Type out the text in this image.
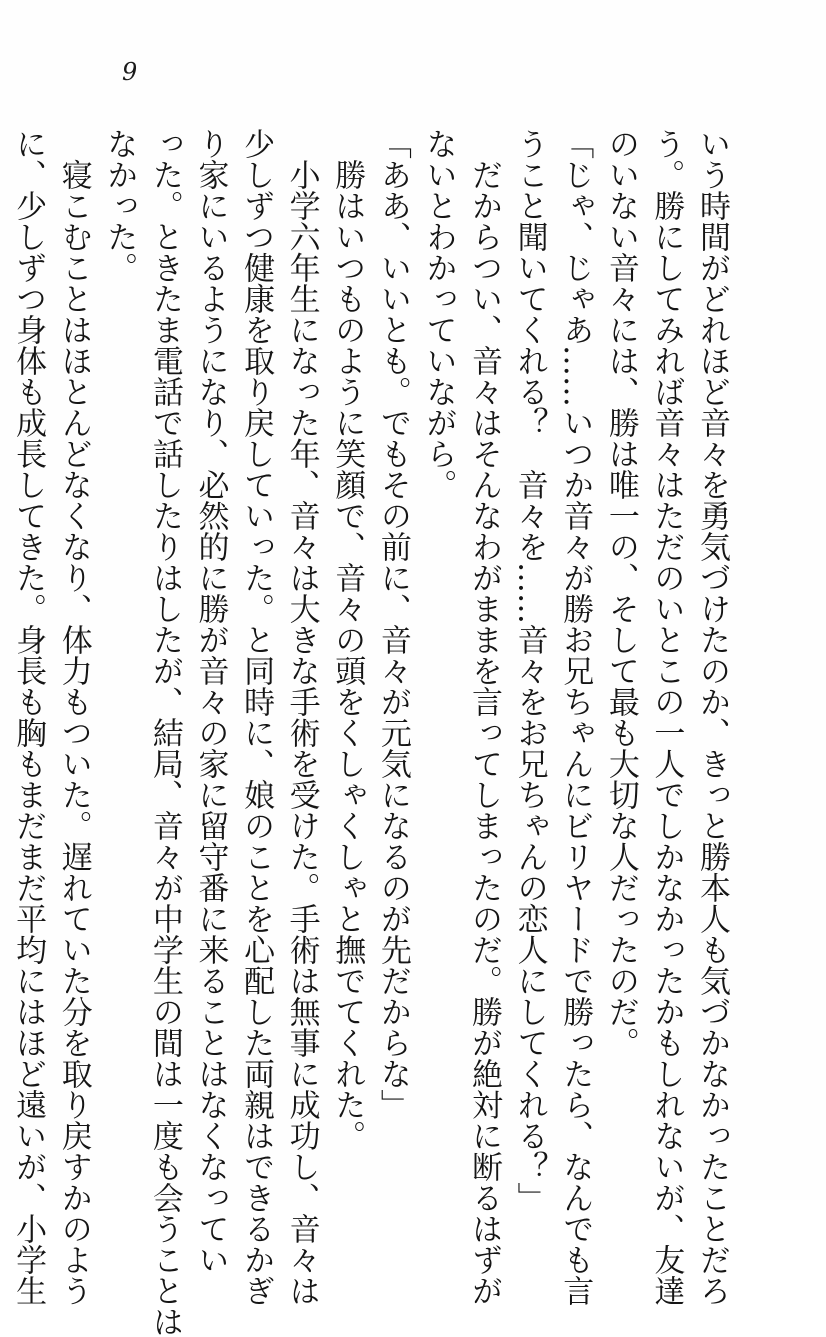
9
いう時間がどれほど音々を勇気づけたのか、きっと勝本人も気づかなかったことだろ
う。勝にしてみれば音々はただのいとこの一人でしかなかったかもしれないが、友達
のいない音々には、勝は唯一の、そして最も大切な人だったのだ。
「じゃ、じゃあ……いつか音々が勝お兄ちゃんにビリヤードで勝ったら、なんでも言
うこと聞いてくれる？　音々を……音々をお兄ちゃんの恋人にしてくれる？」
　だからつい、音々はそんなわがままを言ってしまったのだ。勝が絶対に断るはずが
ないとわかっていながら。
「ああ、いいとも。でもその前に、音々が元気になるのが先だからな」
　勝はいつものように笑顔で、音々の頭をくしゃくしゃと撫でてくれた。
　小学六年生になった年、音々は大きな手術を受けた。手術は無事に成功し、音々は
少しずつ健康を取り戻していった。と同時に、娘のことを心配した両親はできるかぎ
り家にいるようになり、必然的に勝が音々の家に留守番に来ることはなくなってい
った。ときたま電話で話したりはしたが、結局、音々が中学生の間は一度も会うことは
なかった。
　寝こむことはほとんどなくなり、体力もついた。遅れていた分を取り戻すかのよう
に、少しずつ身体も成長してきた。身長も胸もまだまだ平均にはほど遠いが、小学生
